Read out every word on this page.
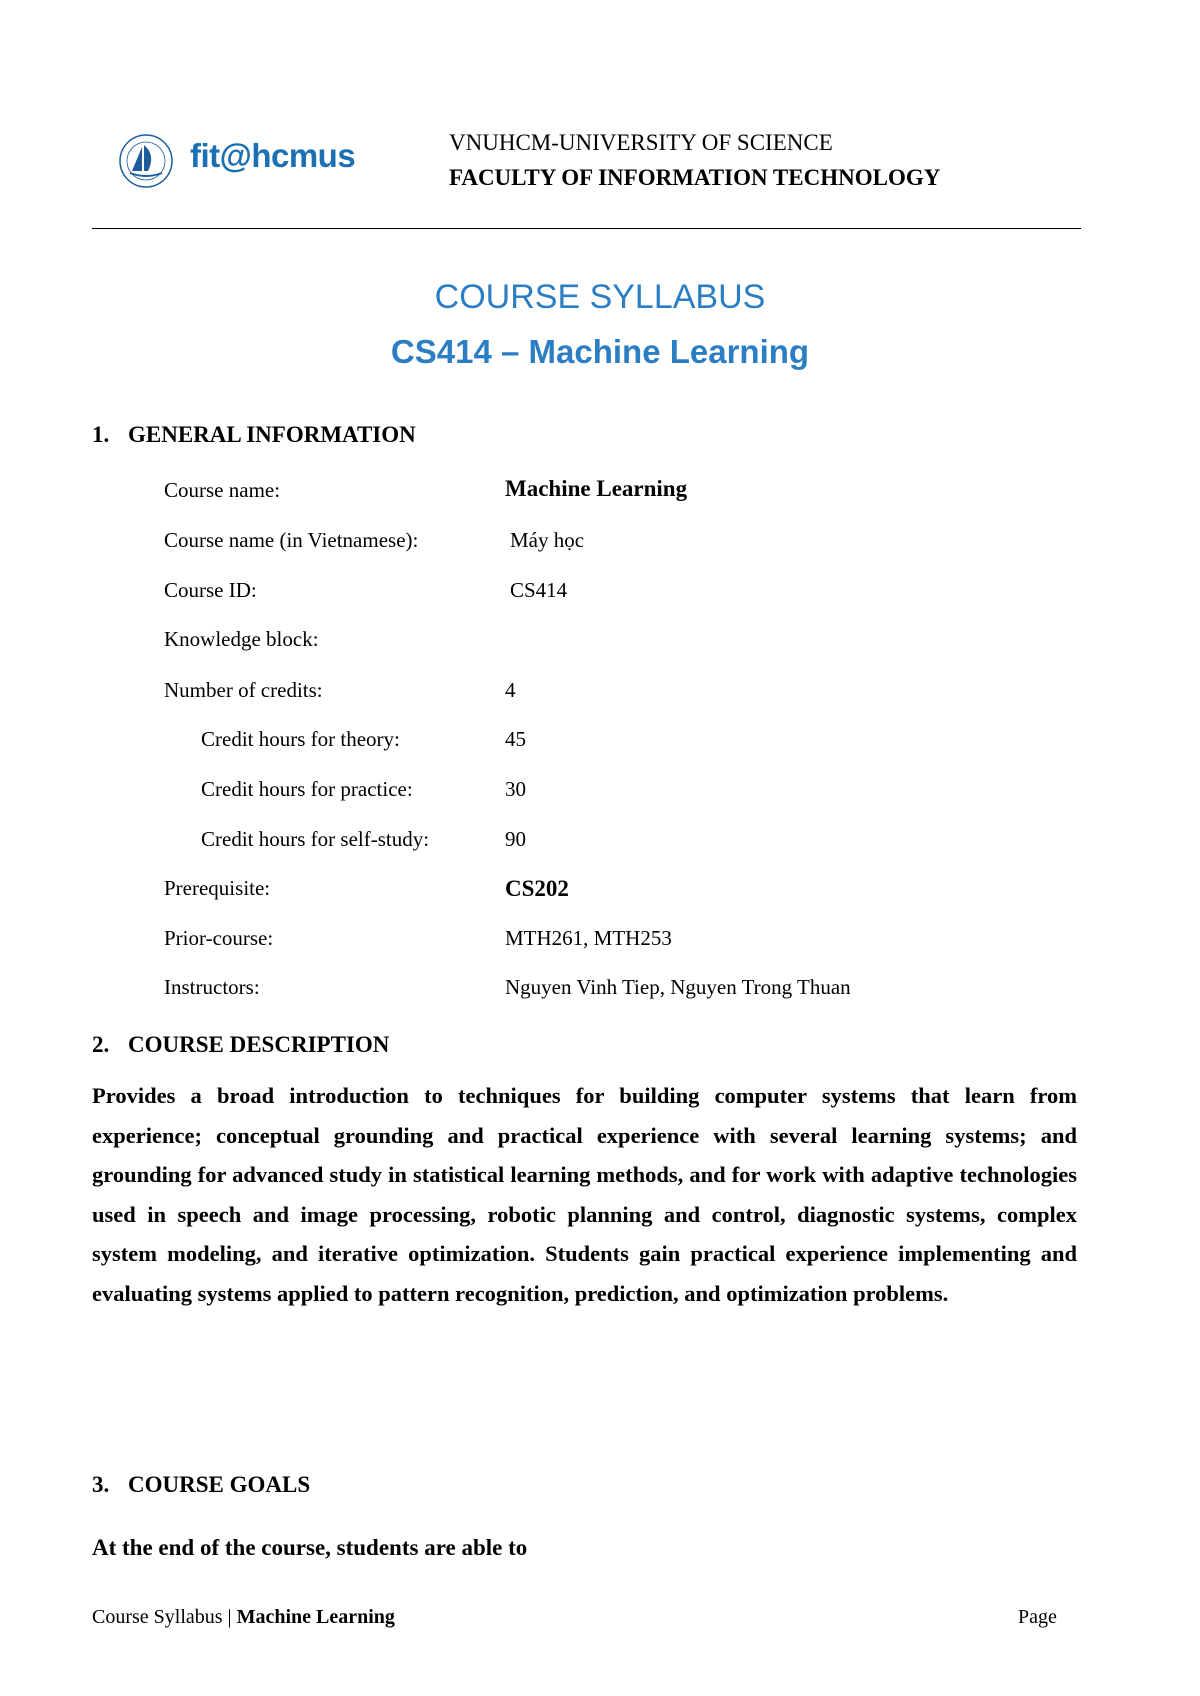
fit@hcmus	VNUHCM-UNIVERSITY OF SCIENCE
FACULTY OF INFORMATION TECHNOLOGY
COURSE SYLLABUS
CS414 – Machine Learning
1. GENERAL INFORMATION
Course name:	Machine Learning
Course name (in Vietnamese):	Máy học
Course ID:	CS414
Knowledge block:
Number of credits:	4
Credit hours for theory:	45
Credit hours for practice:	30
Credit hours for self-study:	90
Prerequisite:	CS202
Prior-course:	MTH261, MTH253
Instructors:	Nguyen Vinh Tiep, Nguyen Trong Thuan
2. COURSE DESCRIPTION

Provides a broad introduction to techniques for building computer systems that learn from experience; conceptual grounding and practical experience with several learning systems; and grounding for advanced study in statistical learning methods, and for work with adaptive technologies used in speech and image processing, robotic planning and control, diagnostic systems, complex system modeling, and iterative optimization. Students gain practical experience implementing and evaluating systems applied to pattern recognition, prediction, and optimization problems.

3. COURSE GOALS
At the end of the course, students are able to
Course Syllabus | Machine Learning	Page
